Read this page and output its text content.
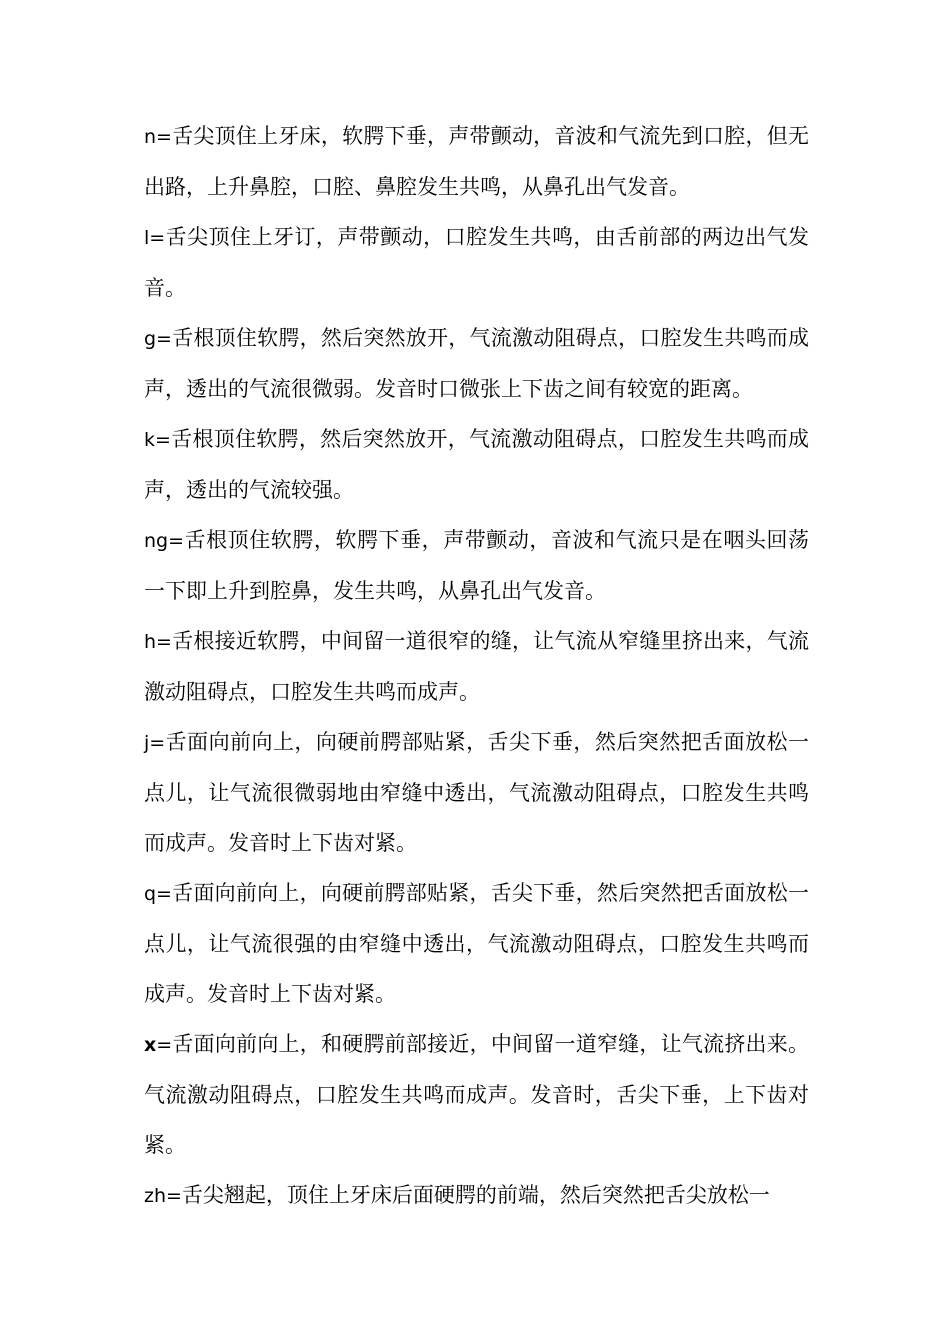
n=舌尖顶住上牙床，软腭下垂，声带颤动，音波和气流先到口腔，但无出路，上升鼻腔，口腔、鼻腔发生共鸣，从鼻孔出气发音。

l=舌尖顶住上牙订，声带颤动，口腔发生共鸣，由舌前部的两边出气发音。

g=舌根顶住软腭，然后突然放开，气流激动阻碍点，口腔发生共鸣而成声，透出的气流很微弱。发音时口微张上下齿之间有较宽的距离。

k=舌根顶住软腭，然后突然放开，气流激动阻碍点，口腔发生共鸣而成声，透出的气流较强。

ng=舌根顶住软腭，软腭下垂，声带颤动，音波和气流只是在咽头回荡一下即上升到腔鼻，发生共鸣，从鼻孔出气发音。

h=舌根接近软腭，中间留一道很窄的缝，让气流从窄缝里挤出来，气流激动阻碍点，口腔发生共鸣而成声。

j=舌面向前向上，向硬前腭部贴紧，舌尖下垂，然后突然把舌面放松一点儿，让气流很微弱地由窄缝中透出，气流激动阻碍点，口腔发生共鸣而成声。发音时上下齿对紧。

q=舌面向前向上，向硬前腭部贴紧，舌尖下垂，然后突然把舌面放松一点儿，让气流很强的由窄缝中透出，气流激动阻碍点，口腔发生共鸣而成声。发音时上下齿对紧。

x=舌面向前向上，和硬腭前部接近，中间留一道窄缝，让气流挤出来。气流激动阻碍点，口腔发生共鸣而成声。发音时，舌尖下垂，上下齿对紧。

zh=舌尖翘起，顶住上牙床后面硬腭的前端，然后突然把舌尖放松一
